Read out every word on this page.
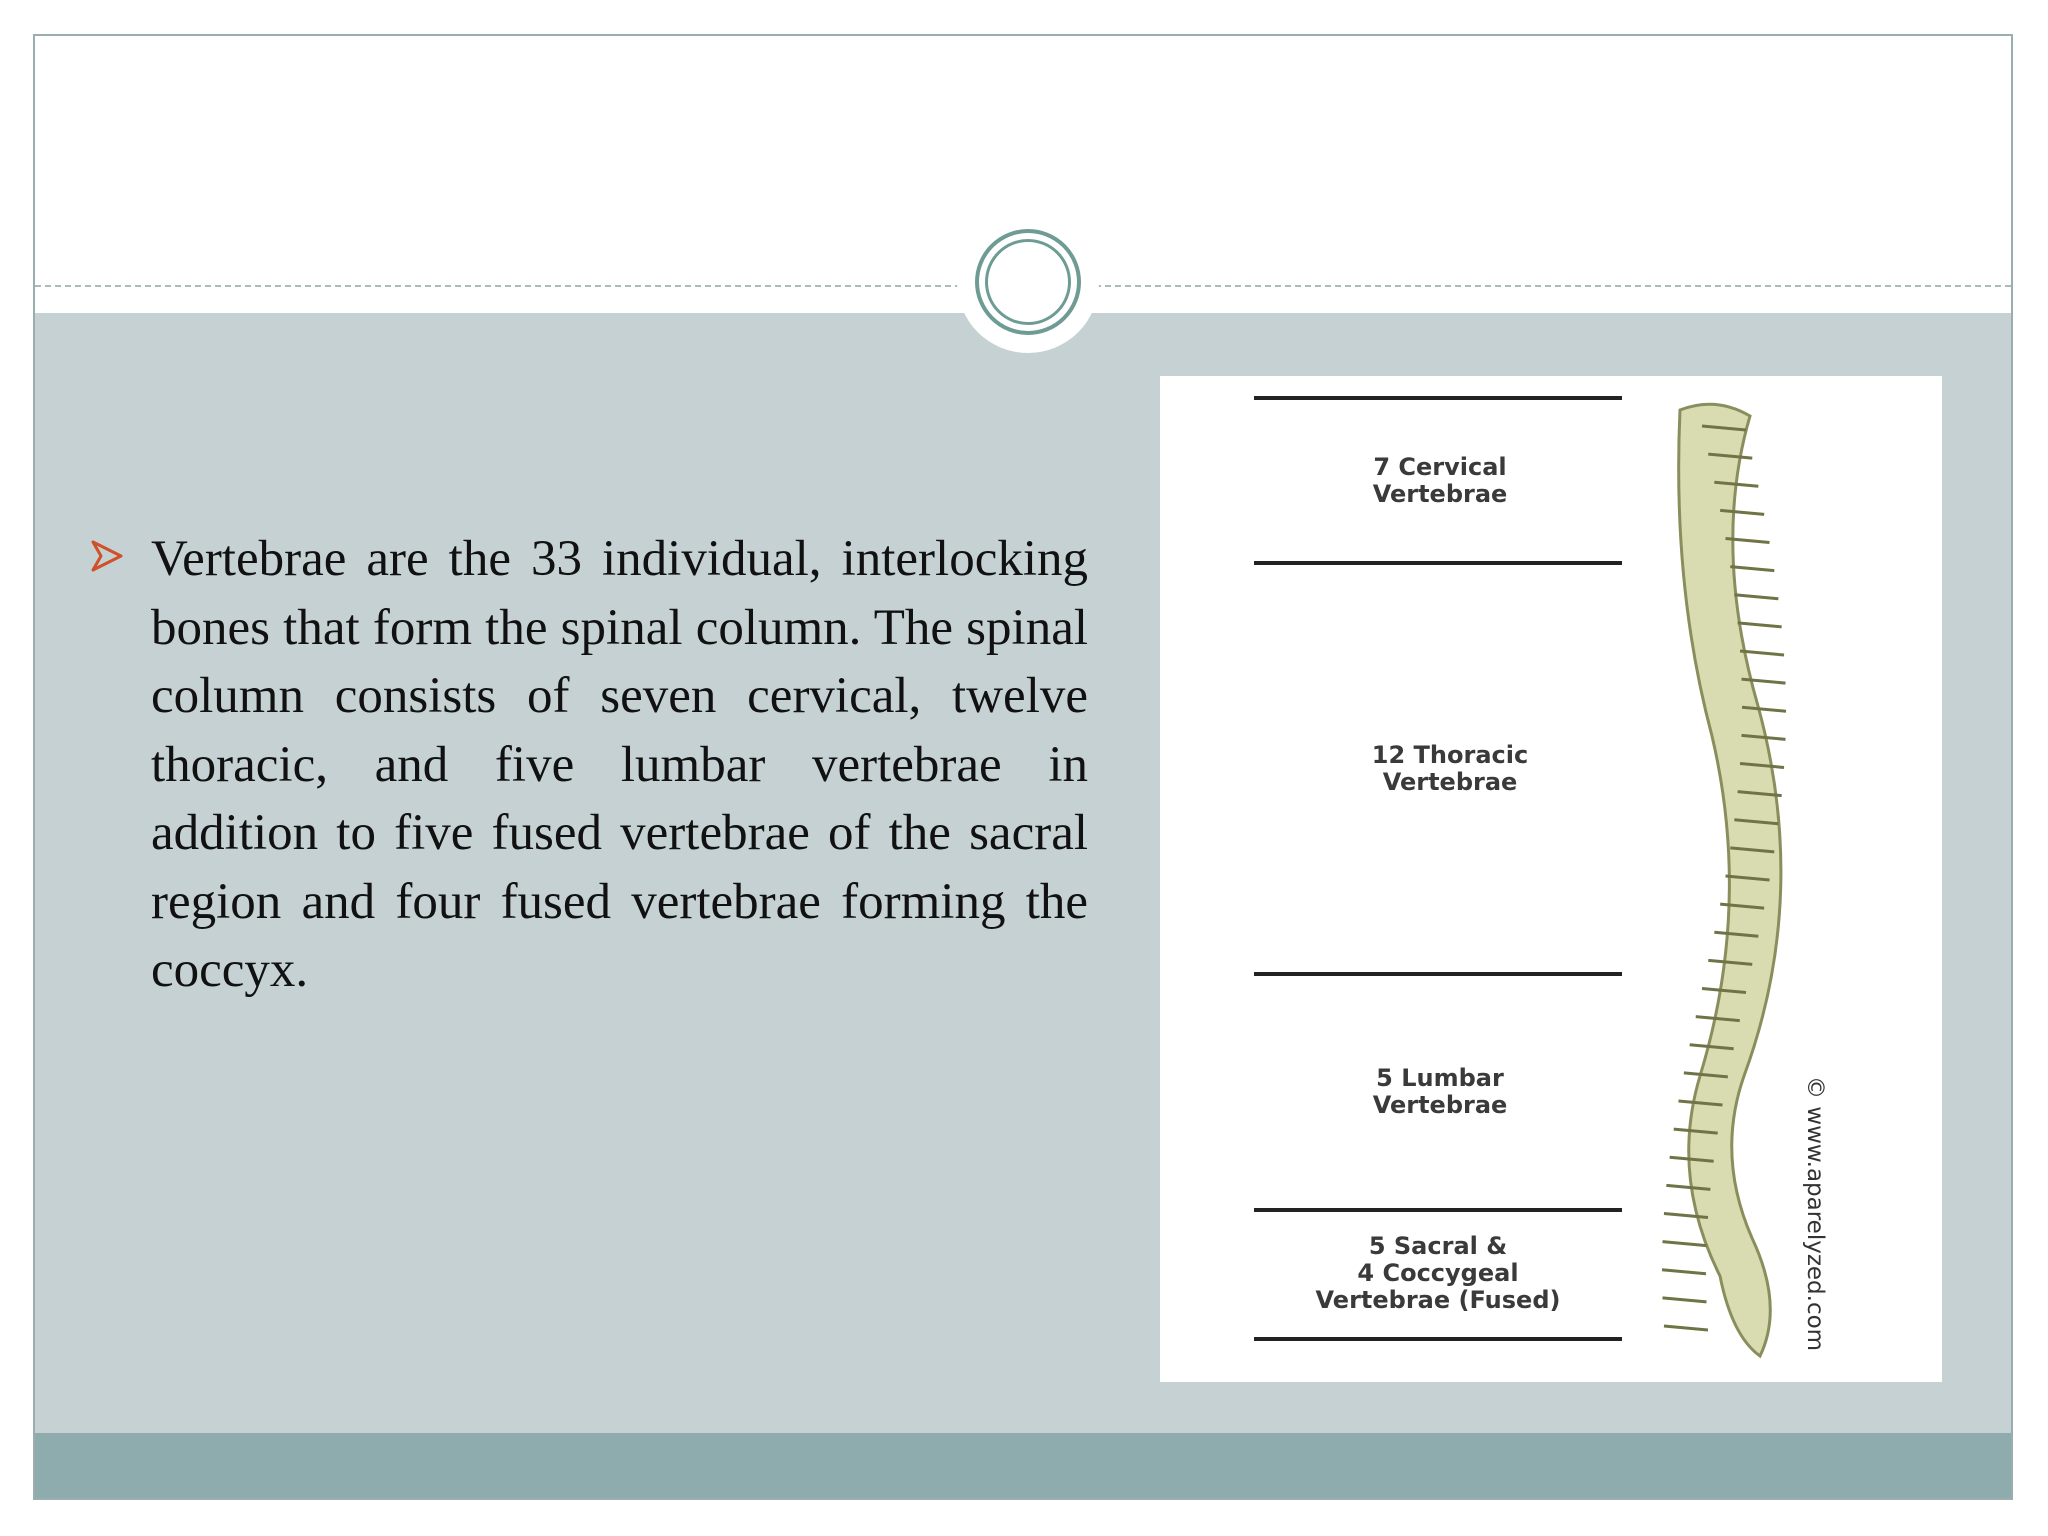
Vertebrae are the 33 individual, interlocking bones that form the spinal column. The spinal column consists of seven cervical, twelve thoracic, and five lumbar vertebrae in addition to five fused vertebrae of the sacral region and four fused vertebrae forming the coccyx.
7 Cervical
Vertebrae
12 Thoracic
Vertebrae
5 Lumbar
Vertebrae
5 Sacral &
4 Coccygeal
Vertebrae (Fused)	© www.aparelyzed.com
